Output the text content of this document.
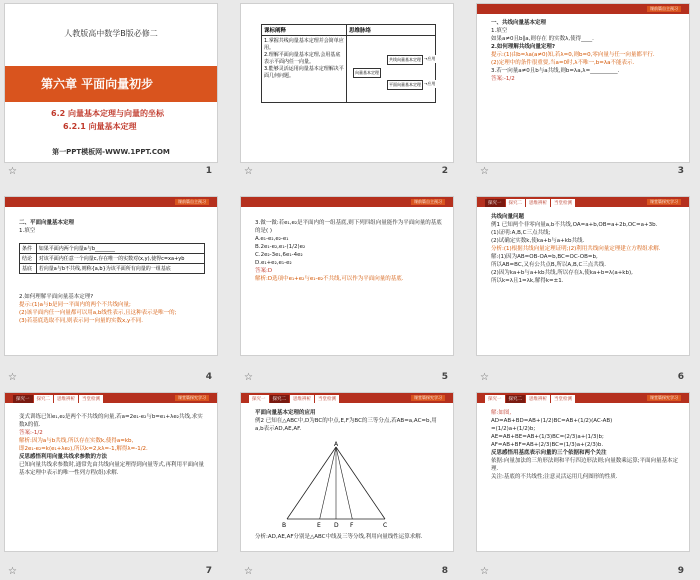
人教版高中数学B版必修二
第六章 平面向量初步
6.2 向量基本定理与向量的坐标
6.2.1 向量基本定理
第一PPT模板网-WWW.1PPT.COM
☆	1
课标阐释	思维脉络

1.掌握共线向量基本定理并会简单应用。
2.理解平面向量基本定理,会用基底表示平面内任一向量。
3.能够灵活运用向量基本定理解决平面几何问题。	

向量基本定理
共线向量基本定理
平面向量基本定理
→应用
→应用
☆	2
课前篇自主预习
一、共线向量基本定理
1.填空
如果a≠0且b∥a,则存在 的实数λ,使得____.
2.如何理解共线向量定理?
提示:(1)由b=λa(a≠0)知,若λ=0,则b=0,零向量与任一向量都平行.
(2)定理中的条件很重要,当a=0时,λ不唯一,b=λa不能表示.
3.若一向量a≠0且b与a共线,则b=λa,λ=__________.
答案:-1/2
☆	3
课前篇自主预习
二、平面向量基本定理
1.填空
条件	如果平面内两个向量a与b________
结论	对该平面内任意一个向量c,存在唯一的实数对(x,y),使得c=xa+yb
基底	若向量a与b不共线,则称{a,b}为该平面所有向量的一组基底
2.如何理解平面向量基本定理?
提示:(1)a与b是同一平面内的两个不共线向量;
(2)该平面内任一向量都可以用a,b线性表示,且这种表示是唯一的;
(3)若基底选取不同,则表示同一向量的实数x,y不同.
☆	4
课前篇自主预习
3.做一做:若e₁,e₂是平面内的一组基底,则下列四组向量能作为平面向量的基底的是( )
A.e₁-e₂,e₂-e₁
B.2e₁-e₂,e₁-(1/2)e₂
C.2e₂-3e₁,6e₁-4e₂
D.e₁+e₂,e₁-e₂
答案:D
解析:D选项中e₁+e₂与e₁-e₂不共线,可以作为平面向量的基底.
☆	5
探究一	探究二	思维辨析	当堂检测	课堂篇探究学习
共线向量问题
例1 已知两个非零向量a,b不共线,OA=a+b,OB=a+2b,OC=a+3b.
(1)证明:A,B,C三点共线;
(2)试确定实数k,使ka+b与a+kb共线.
分析:(1)根据共线向量定理证明;(2)利用共线向量定理建立方程组求解.
解:(1)因为AB=OB-OA=b,BC=OC-OB=b,
所以AB=BC,又有公共点B,所以A,B,C三点共线.
(2)因为ka+b与a+kb共线,所以存在λ,使ka+b=λ(a+kb),
所以k=λ且1=λk,解得k=±1.
☆	6
探究一	探究二	思维辨析	当堂检测	课堂篇探究学习
变式训练已知e₁,e₂是两个不共线的向量,若a=2e₁-e₂与b=e₁+λe₂共线,求实数λ的值.
答案:-1/2
解析:因为a与b共线,所以存在实数k,使得a=kb,
即2e₁-e₂=k(e₁+λe₂),所以k=2,kλ=-1,解得λ=-1/2.
反思感悟利用向量共线求参数的方法
已知向量共线求参数时,通常先由共线向量定理得到向量等式,再利用平面向量基本定理中表示的唯一性列方程(组)求解.
☆	7
探究一	探究二	思维辨析	当堂检测	课堂篇探究学习
平面向量基本定理的应用
例2 已知在△ABC中,D为BC的中点,E,F为BC的三等分点,若AB=a,AC=b,用a,b表示AD,AE,AF.
A
B	D
E	F	C
分析:AD,AE,AF分别是△ABC中线及三等分线,利用向量线性运算求解.
☆	8
探究一	探究二	思维辨析	当堂检测	课堂篇探究学习
解:如图,
AD=AB+BD=AB+(1/2)BC=AB+(1/2)(AC-AB)
=(1/2)a+(1/2)b;
AE=AB+BE=AB+(1/3)BC=(2/3)a+(1/3)b;
AF=AB+BF=AB+(2/3)BC=(1/3)a+(2/3)b.
反思感悟用基底表示向量的三个依据和两个关注
依据:向量加法的三角形法则和平行四边形法则;向量数乘运算;平面向量基本定理.
关注:基底的不共线性;注意灵活运用几何图形的性质.
☆	9
